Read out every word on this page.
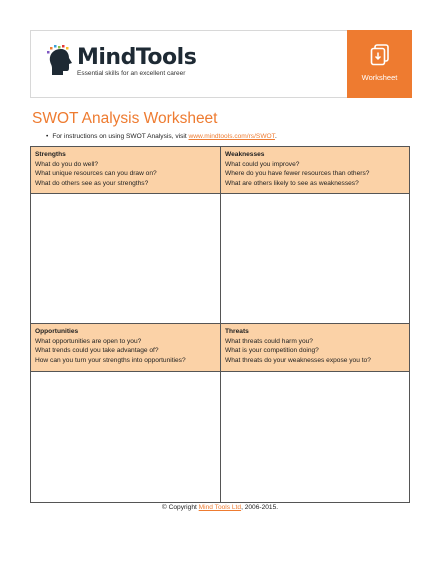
MindTools
Essential skills for an excellent career	Worksheet
SWOT Analysis Worksheet
• For instructions on using SWOT Analysis, visit www.mindtools.com/rs/SWOT.
Strengths
What do you do well?
What unique resources can you draw on?
What do others see as your strengths?
Weaknesses
What could you improve?
Where do you have fewer resources than others?
What are others likely to see as weaknesses?
Opportunities
What opportunities are open to you?
What trends could you take advantage of?
How can you turn your strengths into opportunities?
Threats
What threats could harm you?
What is your competition doing?
What threats do your weaknesses expose you to?
© Copyright Mind Tools Ltd, 2006-2015.
